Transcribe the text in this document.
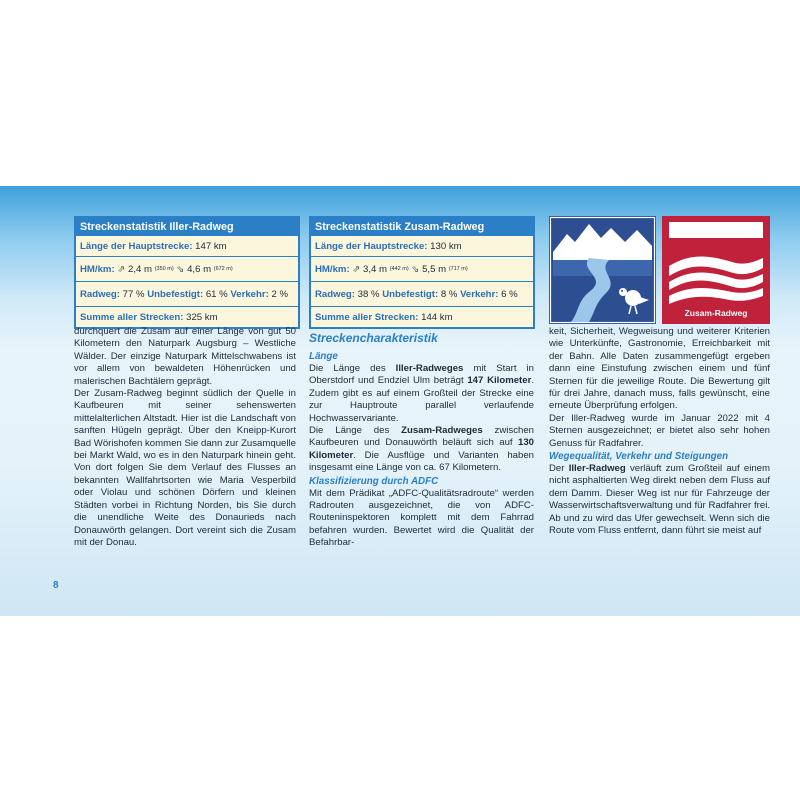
Streckenstatistik Iller-Radweg
Länge der Hauptstrecke:
147 km
HM/km:
⇗
2,4 m
(350 m)
⇘
4,6 m
(672 m)
Radweg:
77 %
Unbefestigt:
61 %
Verkehr:
2 %
Summe aller Strecken:
325 km
Streckenstatistik Zusam-Radweg
Länge der Hauptstrecke:
130 km
HM/km:
⇗
3,4 m
(442 m)
⇘
5,5 m
(717 m)
Radweg:
38 %
Unbefestigt:
8 %
Verkehr:
6 %
Summe aller Strecken:
144 km	Zusam-Radweg

durchquert die Zusam auf einer Länge von gut 50 Kilometern den Naturpark Augsburg – Westliche Wälder. Der einzige Naturpark Mittelschwabens ist vor allem von bewaldeten Höhenrücken und malerischen Bachtälern geprägt.

Der Zusam-Radweg beginnt südlich der Quelle in Kaufbeuren mit seiner sehenswerten mittelalterlichen Altstadt. Hier ist die Landschaft von sanften Hügeln geprägt. Über den Kneipp-Kurort Bad Wörishofen kommen Sie dann zur Zusamquelle bei Markt Wald, wo es in den Naturpark hinein geht. Von dort folgen Sie dem Verlauf des Flusses an bekannten Wallfahrtsorten wie Maria Vesperbild oder Violau und schönen Dörfern und kleinen Städten vorbei in Richtung Norden, bis Sie durch die unendliche Weite des Donaurieds nach Donauwörth gelangen. Dort vereint sich die Zusam mit der Donau.

Streckencharakteristik
Länge

Die Länge des Iller-Radweges mit Start in Oberstdorf und Endziel Ulm beträgt 147 Kilometer. Zudem gibt es auf einem Großteil der Strecke eine zur Hauptroute parallel verlaufende Hochwasservariante.

Die Länge des Zusam-Radweges zwischen Kaufbeuren und Donauwörth beläuft sich auf 130 Kilometer. Die Ausflüge und Varianten haben insgesamt eine Länge von ca. 67 Kilometern.

Klassifizierung durch ADFC

Mit dem Prädikat „ADFC-Qualitätsradroute“ werden Radrouten ausgezeichnet, die von ADFC-Routeninspektoren komplett mit dem Fahrrad befahren wurden. Bewertet wird die Qualität der Befahrbar-

keit, Sicherheit, Wegweisung und weiterer Kriterien wie Unterkünfte, Gastronomie, Erreichbarkeit mit der Bahn. Alle Daten zusammengefügt ergeben dann eine Einstufung zwischen einem und fünf Sternen für die jeweilige Route. Die Bewertung gilt für drei Jahre, danach muss, falls gewünscht, eine erneute Überprüfung erfolgen.

Der Iller-Radweg wurde im Januar 2022 mit 4 Sternen ausgezeichnet; er bietet also sehr hohen Genuss für Radfahrer.

Wegequalität, Verkehr und Steigungen

Der Iller-Radweg verläuft zum Großteil auf einem nicht asphaltierten Weg direkt neben dem Fluss auf dem Damm. Dieser Weg ist nur für Fahrzeuge der Wasserwirtschaftsverwaltung und für Radfahrer frei. Ab und zu wird das Ufer gewechselt. Wenn sich die Route vom Fluss entfernt, dann führt sie meist auf

8
